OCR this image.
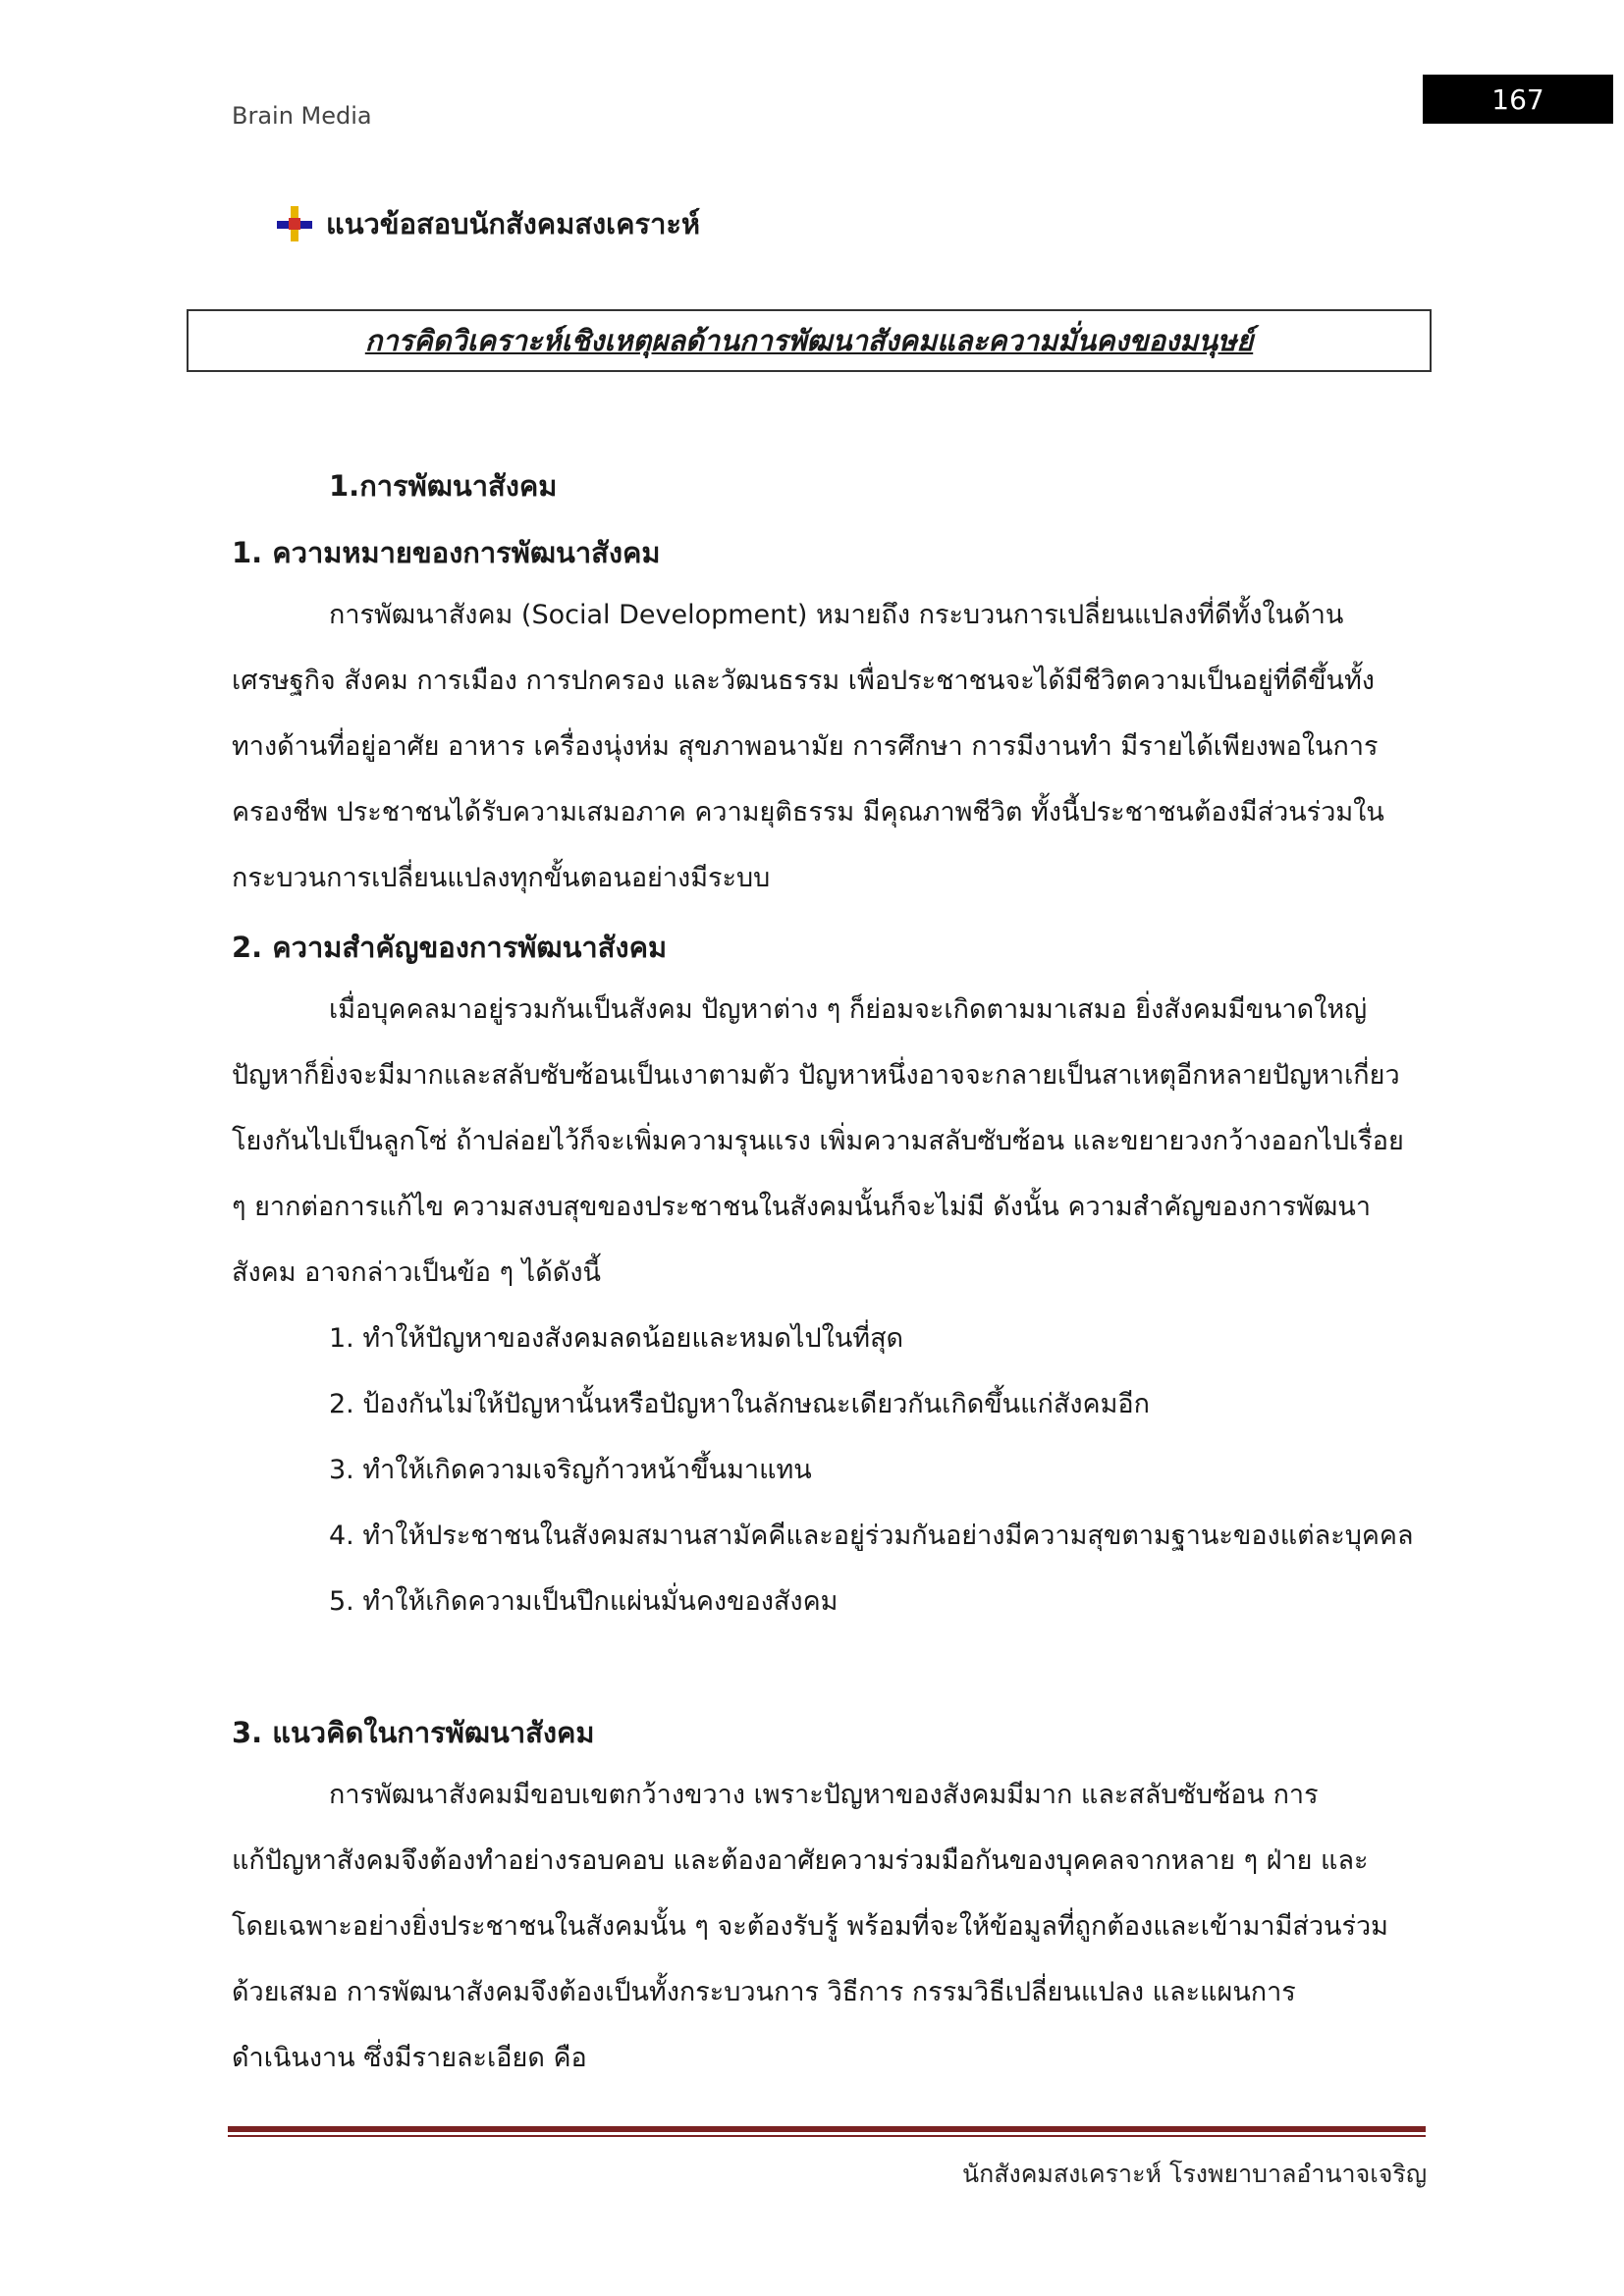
Brain Media
167
แนวข้อสอบนักสังคมสงเคราะห์
การคิดวิเคราะห์เชิงเหตุผลด้านการพัฒนาสังคมและความมั่นคงของมนุษย์
1.การพัฒนาสังคม
1. ความหมายของการพัฒนาสังคม

การพัฒนาสังคม (Social Development) หมายถึง กระบวนการเปลี่ยนแปลงที่ดีทั้งในด้าน
เศรษฐกิจ สังคม การเมือง การปกครอง และวัฒนธรรม เพื่อประชาชนจะได้มีชีวิตความเป็นอยู่ที่ดีขึ้นทั้ง
ทางด้านที่อยู่อาศัย อาหาร เครื่องนุ่งห่ม สุขภาพอนามัย การศึกษา การมีงานทำ มีรายได้เพียงพอในการ
ครองชีพ ประชาชนได้รับความเสมอภาค ความยุติธรรม มีคุณภาพชีวิต ทั้งนี้ประชาชนต้องมีส่วนร่วมใน
กระบวนการเปลี่ยนแปลงทุกขั้นตอนอย่างมีระบบ

2. ความสำคัญของการพัฒนาสังคม

เมื่อบุคคลมาอยู่รวมกันเป็นสังคม ปัญหาต่าง ๆ ก็ย่อมจะเกิดตามมาเสมอ ยิ่งสังคมมีขนาดใหญ่
ปัญหาก็ยิ่งจะมีมากและสลับซับซ้อนเป็นเงาตามตัว ปัญหาหนึ่งอาจจะกลายเป็นสาเหตุอีกหลายปัญหาเกี่ยว
โยงกันไปเป็นลูกโซ่ ถ้าปล่อยไว้ก็จะเพิ่มความรุนแรง เพิ่มความสลับซับซ้อน และขยายวงกว้างออกไปเรื่อย
ๆ ยากต่อการแก้ไข ความสงบสุขของประชาชนในสังคมนั้นก็จะไม่มี ดังนั้น ความสำคัญของการพัฒนา
สังคม อาจกล่าวเป็นข้อ ๆ ได้ดังนี้

1. ทำให้ปัญหาของสังคมลดน้อยและหมดไปในที่สุด
2. ป้องกันไม่ให้ปัญหานั้นหรือปัญหาในลักษณะเดียวกันเกิดขึ้นแก่สังคมอีก
3. ทำให้เกิดความเจริญก้าวหน้าขึ้นมาแทน
4. ทำให้ประชาชนในสังคมสมานสามัคคีและอยู่ร่วมกันอย่างมีความสุขตามฐานะของแต่ละบุคคล
5. ทำให้เกิดความเป็นปึกแผ่นมั่นคงของสังคม
3. แนวคิดในการพัฒนาสังคม

การพัฒนาสังคมมีขอบเขตกว้างขวาง เพราะปัญหาของสังคมมีมาก และสลับซับซ้อน การ
แก้ปัญหาสังคมจึงต้องทำอย่างรอบคอบ และต้องอาศัยความร่วมมือกันของบุคคลจากหลาย ๆ ฝ่าย และ
โดยเฉพาะอย่างยิ่งประชาชนในสังคมนั้น ๆ จะต้องรับรู้ พร้อมที่จะให้ข้อมูลที่ถูกต้องและเข้ามามีส่วนร่วม
ด้วยเสมอ การพัฒนาสังคมจึงต้องเป็นทั้งกระบวนการ วิธีการ กรรมวิธีเปลี่ยนแปลง และแผนการ
ดำเนินงาน ซึ่งมีรายละเอียด คือ

นักสังคมสงเคราะห์ โรงพยาบาลอำนาจเจริญ
